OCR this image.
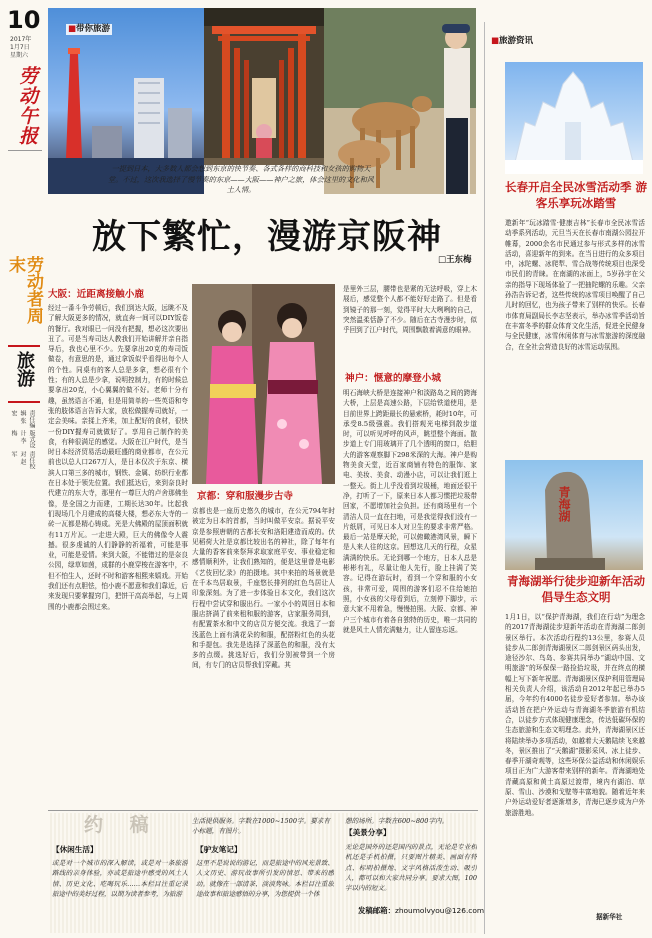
10
2017年
1月7日
星期六
劳动午报
劳动者周末
旅游
责任编辑 张宏
版式设计 李梅
责任校对 赵军
■带你旅游
一提到日本，大多数人都会想到东京的快节奏、各式各样的商科技和女孩的购物天堂。不过，这次我选择了慢节奏的东京——大阪——神户之旅，体会这里的文化和风土人情。
放下繁忙，漫游京阪神
□王东梅
大阪：近距离接触小鹿
经过一番斗争劳顿后，我们到达大阪，远眺不及了解大阪更多的情况，就直奔一间可以DIY饭卷的餐厅。我对眼已一问没有把握，想必这次要出丑了。可是当寿司达人教我们开始讲解并亲自指导后，我也心里不少。先要拿出20克的寿司饭做卷，有意思的是，通过拿饭似乎看得出每个人的个性。同桌有的客人总是多拿，想必很有个性；有的人总是少拿，说明控制力，有的时候总要拿出20克，小心翼翼的做不好。老师十分有趣，虽然语言不通，但是用简单的一些英语和夸张的肢体语言告诉大家，放松做握寿司就好，一定会美味。亲揉上齐来，加上配好的食材，很快一份DIY握寿司就做好了。享用自己制作的美食，有种很满足的感觉。大阪在江户时代，是当时日本经济贸易活动最旺盛的商业都市，在公元前也以总人口267万人，是日本仅次于东京、横滨人口第三多的城市，钢铁、金属、纺织行业都在日本处于领先位置。我们抵达后，来到奈良时代建立的东大寺，那里有一尊巨大的卢舍那佛坐像，是全国之力而建，工期长达30年。比起我们现场几个月建成的高楼大楼，想必东大寺的一砖一瓦都是精心铸成。光是大佛殿的屋顶面积就有11万片瓦。一走进大殿，巨大的佛像令人震撼。很多虔诚的人们静静的祈福着，可能是事业，可能是爱情。来到大阪，不能错过的是奈良公园，绿草如茵，成群的小鹿穿梭在游客中，不但不怕生人，还时不时和游客相熙来嬉戏。开始我们还有点胆怯，怕小鹿不愿意和我们靠近，后来发现只要掌握窍门，把饼干高高举起，与上周围的小鹿都会围过来。
京都：穿和服漫步古寺
京都也是一座历史悠久的城市，在公元794年时被定为日本的首都，当时叫做平安京。据说平安京是参照唐朝的古都长安和洛阳建造而成的。伏见稻荷大社是京都比较出名的神社，除了每年有大量的香客前来祭拜求取家庭平安、事业稳定和感情顺利外，让我们熟知的，便是这里曾是电影《艺伎回忆录》的拍摄地。其中来拍的场景就是在千本鸟居取景，千座悠长排列的红色鸟居让人印象深刻。为了进一步体验日本文化，我们这次行程中尝试穿和服出行。一家小小的周回日本和服店挤满了前来租和服的游客，店家服务周到，有配置茶水和中文的店员方便交流。我选了一套浅蓝色上面有满花朵的和服，配搭粉红色的头花和手提包。我先是选择了深蓝色的和服，没有太多的点缀。挑选好后，我们分别被带到一个房间，有专门的店员帮我们穿戴。其
神户：惬意的摩登小城
是里外三层，腰带也是紧的无法呼吸，穿上木屐后，感觉整个人都不能好好走路了。但是看到镜子的那一刻，觉得平时大大咧咧的自己，突然温柔恬静了不少。随后在古寺漫步时，似乎回到了江户时代，周围飘散着满意的眼神。
■旅游资讯
长春开启全民冰雪活动季 游客乐享玩冰踏雪
遨新年“玩冰踏雪·健康吉林”长春市全民冰雪活动季系列活动，元旦当天在长春市南湖公园拉开帷幕，2000余名市民通过参与形式多样的冰雪活动，喜迎新年的到来。在当日进行的众多项目中，冰陀螺、冰爬犁、雪合战等传统项目也深受市民们的青睐。在南湖的冰面上，5岁孙宇在父亲的指导下现场体验了一把抽陀螺的乐趣。父亲孙浩告诉记者，这些传统的冰雪项目唤醒了自己儿时的回忆，也为孩子带来了别样的快乐。长春市体育局副局长李志坚表示，举办冰雪季活动旨在丰富冬季的群众体育文化生活，促进全民健身与全民健康，冰雪休闲体育与冰雪旅游的深度融合，在全社会营造良好的冰雪运动氛围。
青海湖
青海湖举行徒步迎新年活动 倡导生态文明
1月1日，以“保护青海湖，我们在行动”为理念的2017青海湖徒步迎新年活动在青海湖二郎剑景区举行。本次活动行程约13公里，参赛人员徒步从二郎剑青海湖景区二郎剑景区码头出发，途径沙尔、鸟岛、参赛共同举办“湖动中国、文明旅游”的环保保一路捡拾垃圾，并在终点的横幅上写下新年祝愿。青海湖景区保护利用管理局相关负责人介绍，该活动自2012年起已举办5届，今年约有4000名徒步爱好者参加。举办该活动旨在把户外运动与青海湖冬季旅游有机结合，以徒步方式体现健康理念，传达低碳环保的生态旅游和生态文明理念。此外，青海湖景区还将陆续举办多项活动，如越着大天鹅陆续飞来越冬，景区推出了“天鹅湖”摄影采风、冰上徒步、春季开湖奇观等，这些环保公益活动和休闲娱乐项目正为广大游客带来别样的新年。青海湖地处青藏高原和黄土高原过渡带，境内有湖泊、草原、雪山、沙漠和戈壁等丰富地貌。随着近年来户外运动爱好者逐渐增多，青海已逐步成为户外旅游胜地。
据新华社
约 稿	生活提供服务。字数在1000~1500字。要求有小标题，有图片。
【休闲生活】
或是对一个城市的深入解读，或是对一条旅游路线的亲身体验，亦或是旅途中感受的风土人情、历史文化、吃喝玩乐……本栏目注重记录旅途中的美好过程，以期为读者参考，为旅游
【驴友笔记】
这里不是说说的游记，而是旅途中的风光景致、人文历史、游玩故事所引发的情思、带来的感动。就像在一部清茶、淡淡隽咏。本栏目注重旅途故事和旅途感悟的分享，为您提供一个体
憩的场所。字数在600~800字内。
【美景分享】
无论是国外的还是国内的景点，无论是专业相机还是手机拍摄，只要图片精美、画面有特点、标明拍摄地、文字风格活泼生动、吸引人，都可以和大家共同分享。要求大图，100字以内的短文。
发稿邮箱：zhoumolvyou@126.com
明石海峡大桥是连接神户和淡路岛之间的跨海大桥，上层是高速公路，下层给铁道使用，是目前世界上跨距最长的悬索桥，耗时10年，可承受8.5级强震。我们搭观光电梯到散步道时，可以听见呼呼的风声，眺望整个海面。散步道上专门用玻璃开了几个透明的窗口，给胆大的游客观察脚下298米深的大海。神户是购物美食天堂，近百家商铺有特色的服饰、家电、美妆、美食、动漫小店，可以让我们逛上一整天。街上儿乎没看到垃圾桶，地面还很干净，打听了一下，原来日本人都习惯把垃圾带回家，不愿增加社会负担。还有商场里有一个清洁人员一直在扫地，可是我觉得我们没有一片纸屑，可见日本人对卫生的要求非常严格。最后一站是摩天轮，可以俯瞰港湾风景，瞬下是人来人往的这京。回想这几天的行程，众星满满的快乐。无论到哪一个地方，日本人总是彬彬有礼，尽量让他人先行，脸上挂满了笑容。记得在游玩时，看到一个穿和服的小女孩，非常可爱，周围的游客们忍不住给她拍照，小女孩的父母看到后，立刻停下脚步，示意大家不用着急，慢慢拍照。大阪、京都、神户三个城市有着各自独特的历史，唯一共同的就是风土人情充满魅力，让人留连忘返。
